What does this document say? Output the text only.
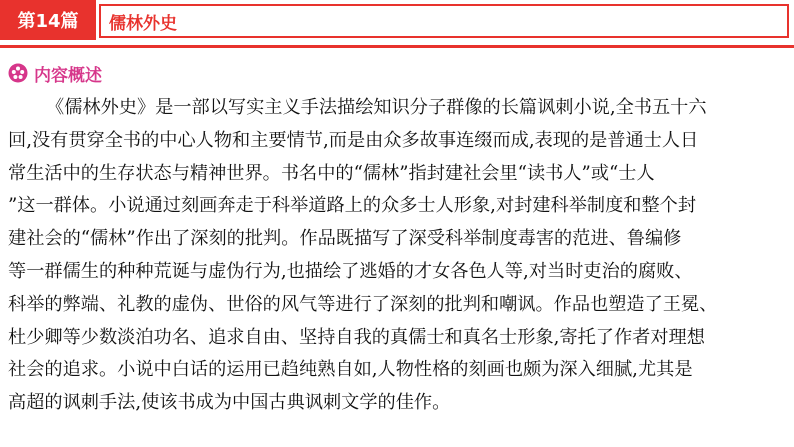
第14篇	儒林外史
内容概述
《儒林外史》是一部以写实主义手法描绘知识分子群像的长篇讽刺小说,全书五十六
回,没有贯穿全书的中心人物和主要情节,而是由众多故事连缀而成,表现的是普通士人日
常生活中的生存状态与精神世界。书名中的“儒林”指封建社会里“读书人”或“士人
”这一群体。小说通过刻画奔走于科举道路上的众多士人形象,对封建科举制度和整个封
建社会的“儒林”作出了深刻的批判。作品既描写了深受科举制度毒害的范进、鲁编修
等一群儒生的种种荒诞与虚伪行为,也描绘了逃婚的才女各色人等,对当时吏治的腐败、
科举的弊端、礼教的虚伪、世俗的风气等进行了深刻的批判和嘲讽。作品也塑造了王冕、
杜少卿等少数淡泊功名、追求自由、坚持自我的真儒士和真名士形象,寄托了作者对理想
社会的追求。小说中白话的运用已趋纯熟自如,人物性格的刻画也颇为深入细腻,尤其是
高超的讽刺手法,使该书成为中国古典讽刺文学的佳作。
